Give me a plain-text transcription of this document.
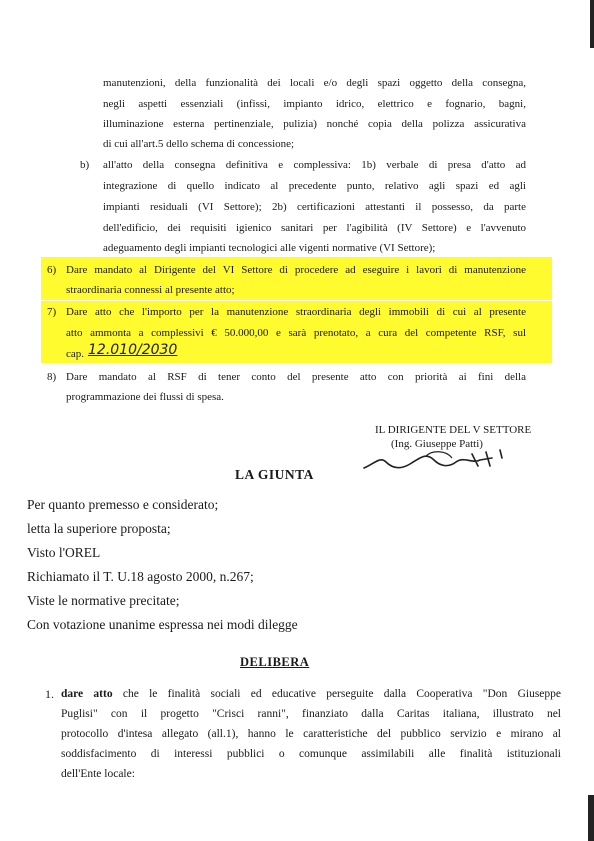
manutenzioni, della funzionalità dei locali e/o degli spazi oggetto della consegna,
negli aspetti essenziali (infissi, impianto idrico, elettrico e fognario, bagni,
illuminazione esterna pertinenziale, pulizia) nonché copia della polizza assicurativa
di cui all'art.5 dello schema di concessione;
b) all'atto della consegna definitiva e complessiva: 1b) verbale di presa d'atto ad
integrazione di quello indicato al precedente punto, relativo agli spazi ed agli
impianti residuali (VI Settore); 2b) certificazioni attestanti il possesso, da parte
dell'edificio, dei requisiti igienico sanitari per l'agibilità (IV Settore) e l'avvenuto
adeguamento degli impianti tecnologici alle vigenti normative (VI Settore);
6) Dare mandato al Dirigente del VI Settore di procedere ad eseguire i lavori di manutenzione
straordinaria connessi al presente atto;
7) Dare atto che l'importo per la manutenzione straordinaria degli immobili di cui al presente
atto ammonta a complessivi € 50.000,00 e sarà prenotato, a cura del competente RSF, sul
cap. 12.010/2030
8) Dare mandato al RSF di tener conto del presente atto con priorità ai fini della
programmazione dei flussi di spesa.
IL DIRIGENTE DEL V SETTORE
(Ing. Giuseppe Patti)
LA GIUNTA
Per quanto premesso e considerato;
letta la superiore proposta;
Visto l'OREL
Richiamato il T. U.18 agosto 2000, n.267;
Viste le normative precitate;
Con votazione unanime espressa nei modi dilegge
DELIBERA
1. dare atto che le finalità sociali ed educative perseguite dalla Cooperativa "Don Giuseppe
Puglisi" con il progetto "Crisci ranni", finanziato dalla Caritas italiana, illustrato nel
protocollo d'intesa allegato (all.1), hanno le caratteristiche del pubblico servizio e mirano al
soddisfacimento di interessi pubblici o comunque assimilabili alle finalità istituzionali
dell'Ente locale:
